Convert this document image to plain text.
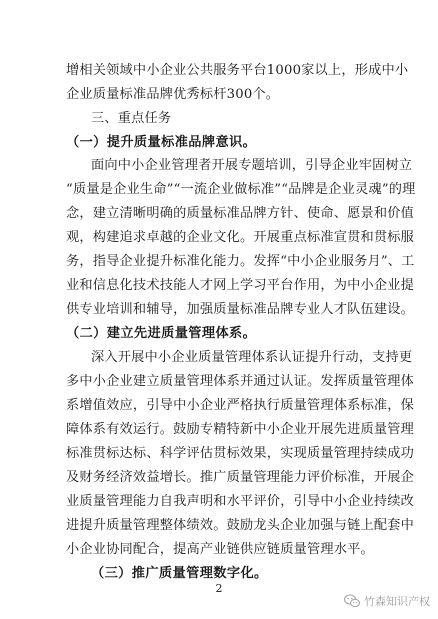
增相关领域中小企业公共服务平台1000家以上，形成中小
企业质量标准品牌优秀标杆300个。
三、重点任务
（一）提升质量标准品牌意识。
面向中小企业管理者开展专题培训，引导企业牢固树立
“质量是企业生命”“一流企业做标准”“品牌是企业灵魂”的理
念，建立清晰明确的质量标准品牌方针、使命、愿景和价值
观，构建追求卓越的企业文化。开展重点标准宣贯和贯标服
务，指导企业提升标准化能力。发挥“中小企业服务月”、工
业和信息化技术技能人才网上学习平台作用，为中小企业提
供专业培训和辅导，加强质量标准品牌专业人才队伍建设。
（二）建立先进质量管理体系。
深入开展中小企业质量管理体系认证提升行动，支持更
多中小企业建立质量管理体系并通过认证。发挥质量管理体
系增值效应，引导中小企业严格执行质量管理体系标准，保
障体系有效运行。鼓励专精特新中小企业开展先进质量管理
标准贯标达标、科学评估贯标效果，实现质量管理持续成功
及财务经济效益增长。推广质量管理能力评价标准，开展企
业质量管理能力自我声明和水平评价，引导中小企业持续改
进提升质量管理整体绩效。鼓励龙头企业加强与链上配套中
小企业协同配合，提高产业链供应链质量管理水平。
（三）推广质量管理数字化。
2
竹森知识产权
